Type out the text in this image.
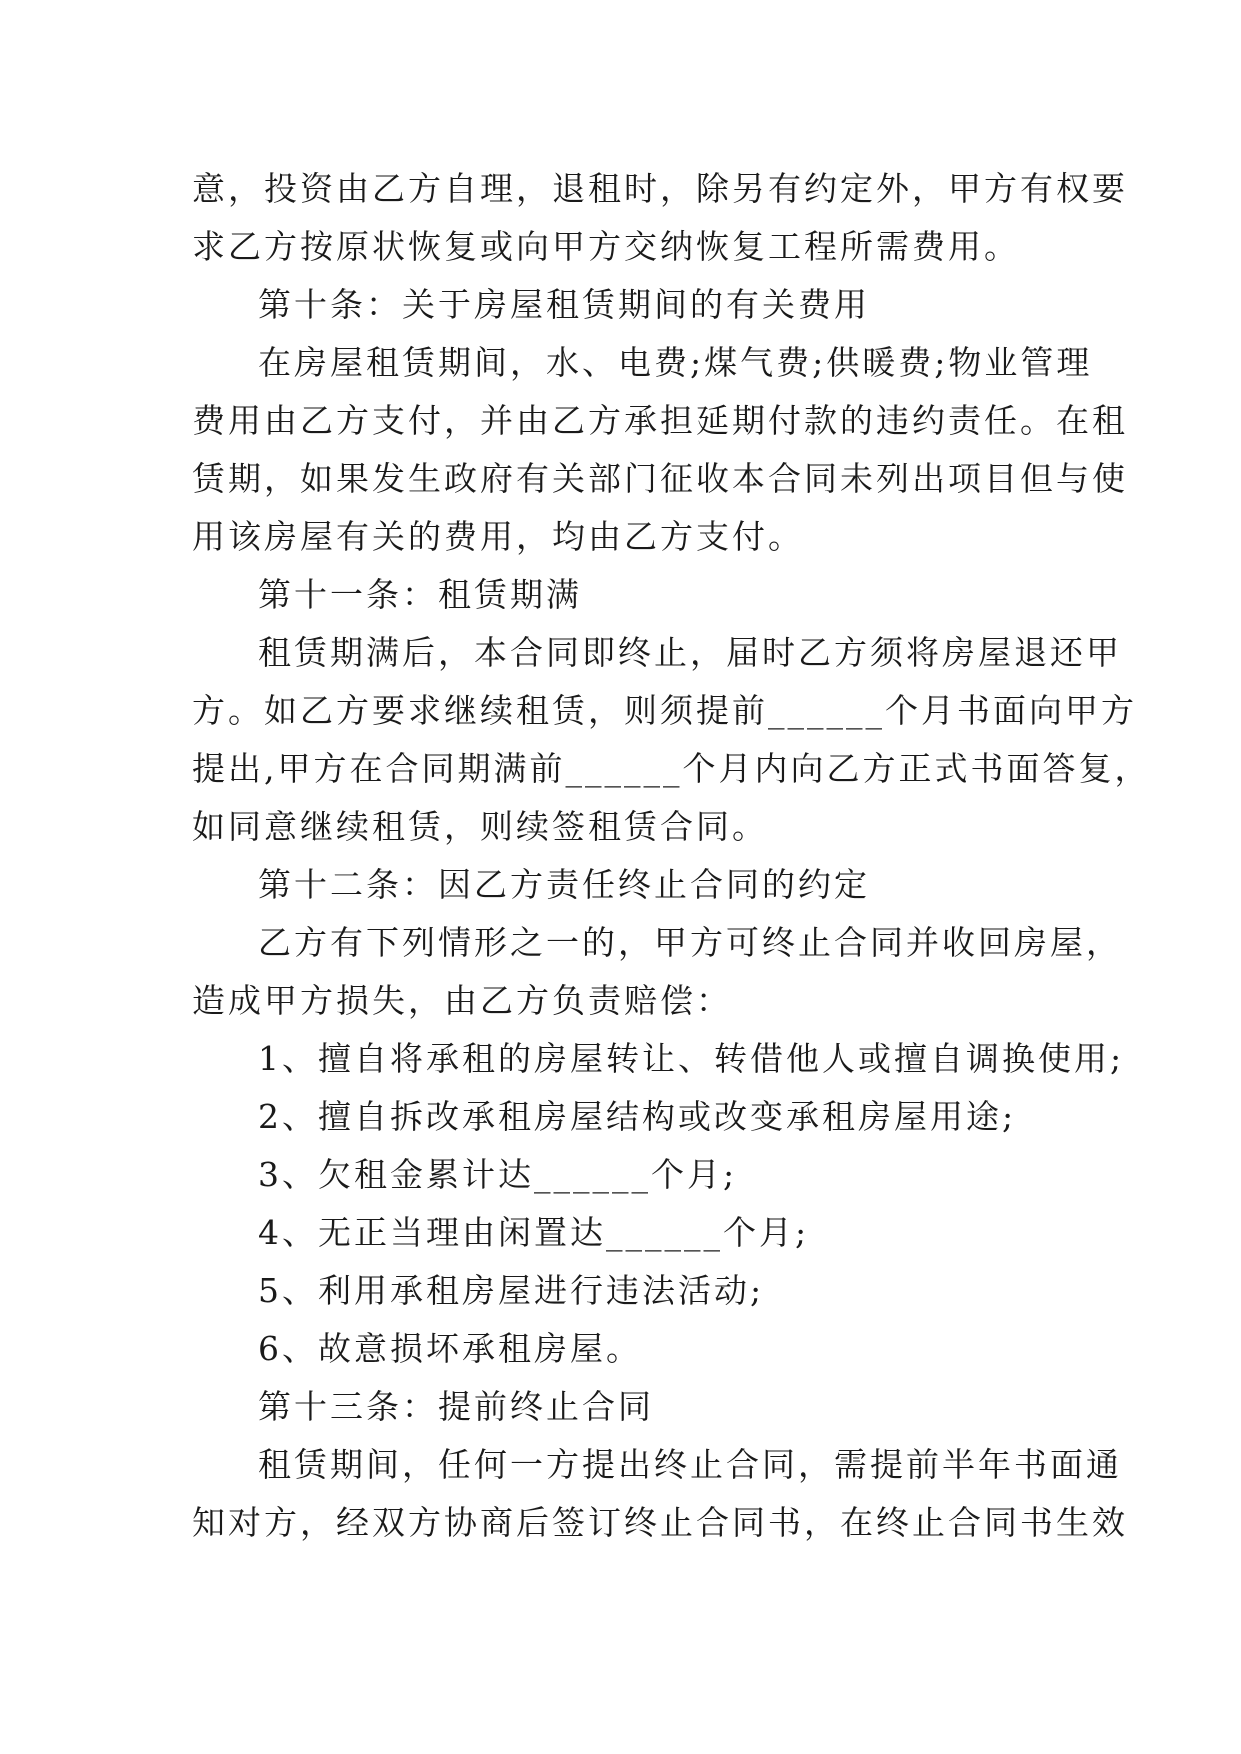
意，投资由乙方自理，退租时，除另有约定外，甲方有权要
求乙方按原状恢复或向甲方交纳恢复工程所需费用。
第十条：关于房屋租赁期间的有关费用
在房屋租赁期间，水、电费;煤气费;供暖费;物业管理
费用由乙方支付，并由乙方承担延期付款的违约责任。在租
赁期，如果发生政府有关部门征收本合同未列出项目但与使
用该房屋有关的费用，均由乙方支付。
第十一条：租赁期满
租赁期满后，本合同即终止，届时乙方须将房屋退还甲
方。如乙方要求继续租赁，则须提前______个月书面向甲方
提出,甲方在合同期满前______个月内向乙方正式书面答复，
如同意继续租赁，则续签租赁合同。
第十二条：因乙方责任终止合同的约定
乙方有下列情形之一的，甲方可终止合同并收回房屋，
造成甲方损失，由乙方负责赔偿：
1、擅自将承租的房屋转让、转借他人或擅自调换使用;
2、擅自拆改承租房屋结构或改变承租房屋用途;
3、欠租金累计达______个月;
4、无正当理由闲置达______个月;
5、利用承租房屋进行违法活动;
6、故意损坏承租房屋。
第十三条：提前终止合同
租赁期间，任何一方提出终止合同，需提前半年书面通
知对方，经双方协商后签订终止合同书，在终止合同书生效
